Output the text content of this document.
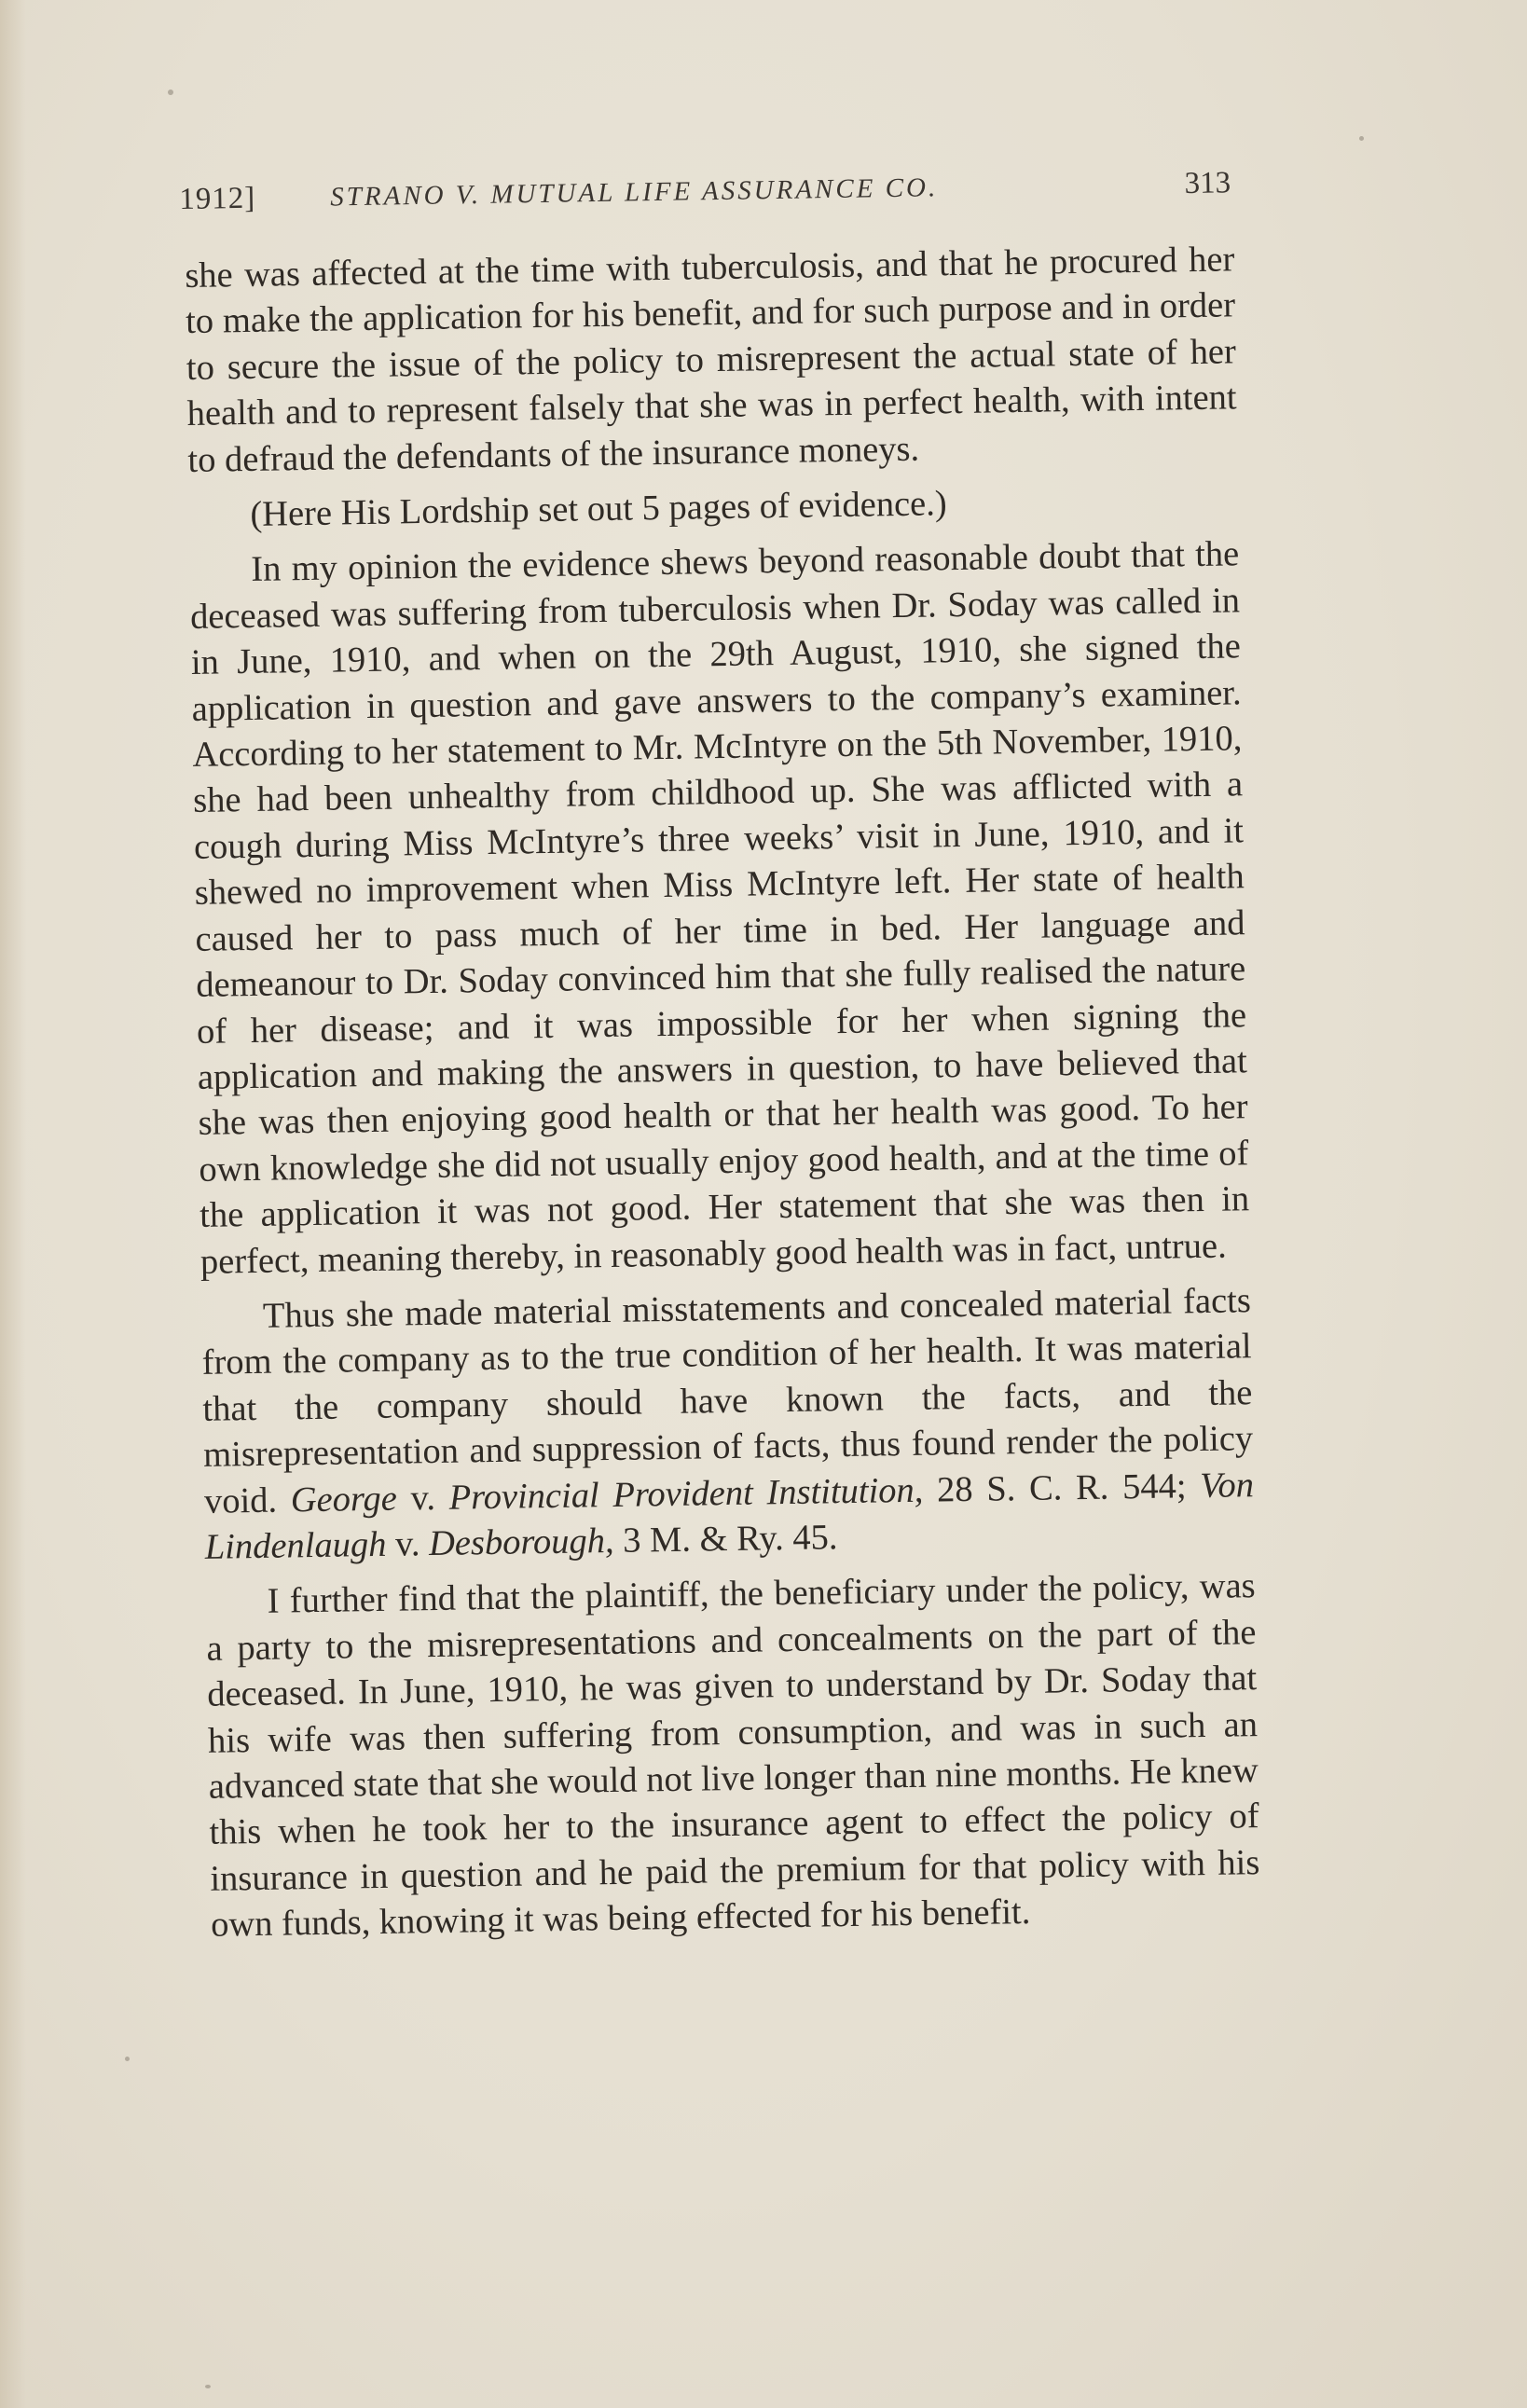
1912]	STRANO V. MUTUAL LIFE ASSURANCE CO.	313

she was affected at the time with tuberculosis, and that he procured her to make the application for his benefit, and for such purpose and in order to secure the issue of the policy to misrepresent the actual state of her health and to represent falsely that she was in perfect health, with intent to defraud the defendants of the insurance moneys.

(Here His Lordship set out 5 pages of evidence.)

In my opinion the evidence shews beyond reasonable doubt that the deceased was suffering from tuberculosis when Dr. Soday was called in in June, 1910, and when on the 29th August, 1910, she signed the application in question and gave answers to the company’s examiner. According to her statement to Mr. McIntyre on the 5th November, 1910, she had been unhealthy from childhood up. She was afflicted with a cough during Miss McIntyre’s three weeks’ visit in June, 1910, and it shewed no improvement when Miss McIntyre left. Her state of health caused her to pass much of her time in bed. Her language and demeanour to Dr. Soday convinced him that she fully realised the nature of her disease; and it was impossible for her when signing the application and making the answers in question, to have believed that she was then enjoying good health or that her health was good. To her own knowledge she did not usually enjoy good health, and at the time of the application it was not good. Her statement that she was then in perfect, meaning thereby, in reasonably good health was in fact, untrue.

Thus she made material misstatements and concealed material facts from the company as to the true condition of her health. It was material that the company should have known the facts, and the misrepresentation and suppression of facts, thus found render the policy void. George v. Provincial Provident Institution, 28 S. C. R. 544; Von Lindenlaugh v. Desborough, 3 M. & Ry. 45.

I further find that the plaintiff, the beneficiary under the policy, was a party to the misrepresentations and concealments on the part of the deceased. In June, 1910, he was given to understand by Dr. Soday that his wife was then suffering from consumption, and was in such an advanced state that she would not live longer than nine months. He knew this when he took her to the insurance agent to effect the policy of insurance in question and he paid the premium for that policy with his own funds, knowing it was being effected for his benefit.
